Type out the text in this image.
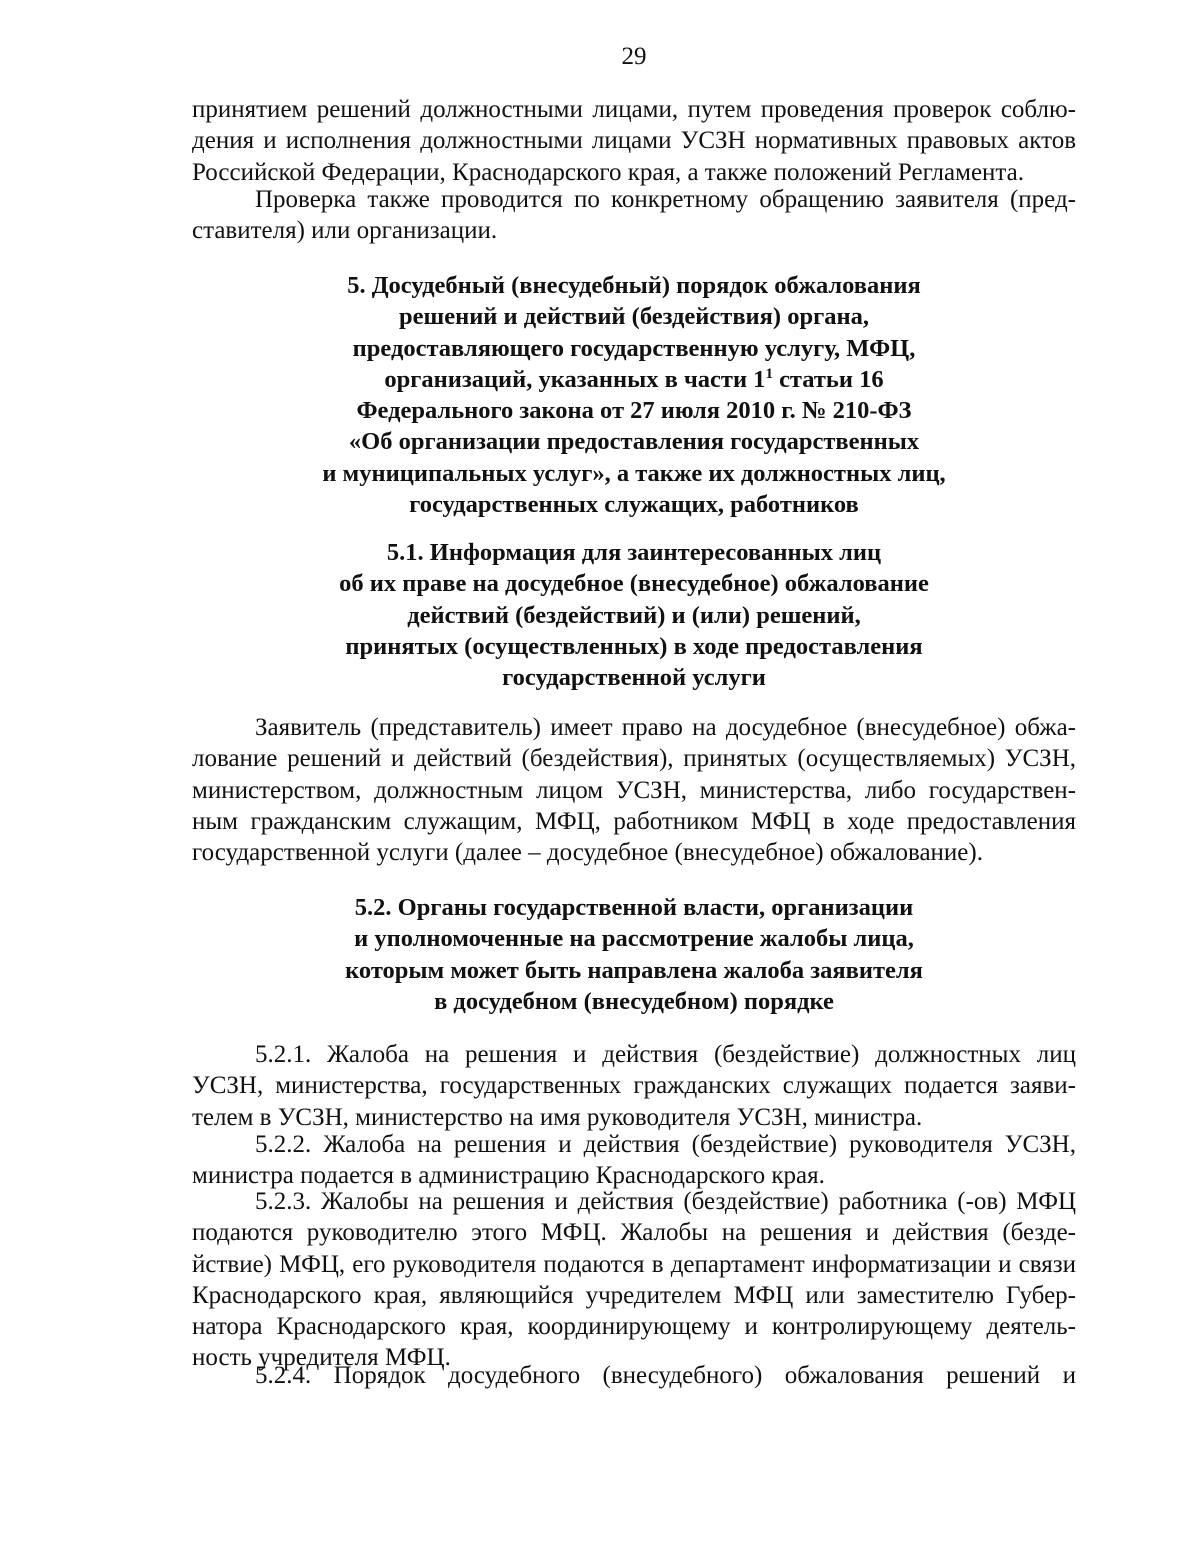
29
принятием решений должностными лицами, путем проведения проверок соблю-
дения и исполнения должностными лицами УСЗН нормативных правовых актов
Российской Федерации, Краснодарского края, а также положений Регламента.
Проверка также проводится по конкретному обращению заявителя (пред-
ставителя) или организации.
5. Досудебный (внесудебный) порядок обжалования
решений и действий (бездействия) органа,
предоставляющего государственную услугу, МФЦ,
организаций, указанных в части 1$^1$ статьи 16
Федерального закона от 27 июля 2010 г. № 210-ФЗ
«Об организации предоставления государственных
и муниципальных услуг», а также их должностных лиц,
государственных служащих, работников
5.1. Информация для заинтересованных лиц
об их праве на досудебное (внесудебное) обжалование
действий (бездействий) и (или) решений,
принятых (осуществленных) в ходе предоставления
государственной услуги
Заявитель (представитель) имеет право на досудебное (внесудебное) обжа-
лование решений и действий (бездействия), принятых (осуществляемых) УСЗН,
министерством, должностным лицом УСЗН, министерства, либо государствен-
ным гражданским служащим, МФЦ, работником МФЦ в ходе предоставления
государственной услуги (далее – досудебное (внесудебное) обжалование).
5.2. Органы государственной власти, организации
и уполномоченные на рассмотрение жалобы лица,
которым может быть направлена жалоба заявителя
в досудебном (внесудебном) порядке
5.2.1. Жалоба на решения и действия (бездействие) должностных лиц
УСЗН, министерства, государственных гражданских служащих подается заяви-
телем в УСЗН, министерство на имя руководителя УСЗН, министра.
5.2.2. Жалоба на решения и действия (бездействие) руководителя УСЗН,
министра подается в администрацию Краснодарского края.
5.2.3. Жалобы на решения и действия (бездействие) работника (-ов) МФЦ
подаются руководителю этого МФЦ. Жалобы на решения и действия (безде-
йствие) МФЦ, его руководителя подаются в департамент информатизации и связи
Краснодарского края, являющийся учредителем МФЦ или заместителю Губер-
натора Краснодарского края, координирующему и контролирующему деятель-
ность учредителя МФЦ.
5.2.4. Порядок досудебного (внесудебного) обжалования решений и
